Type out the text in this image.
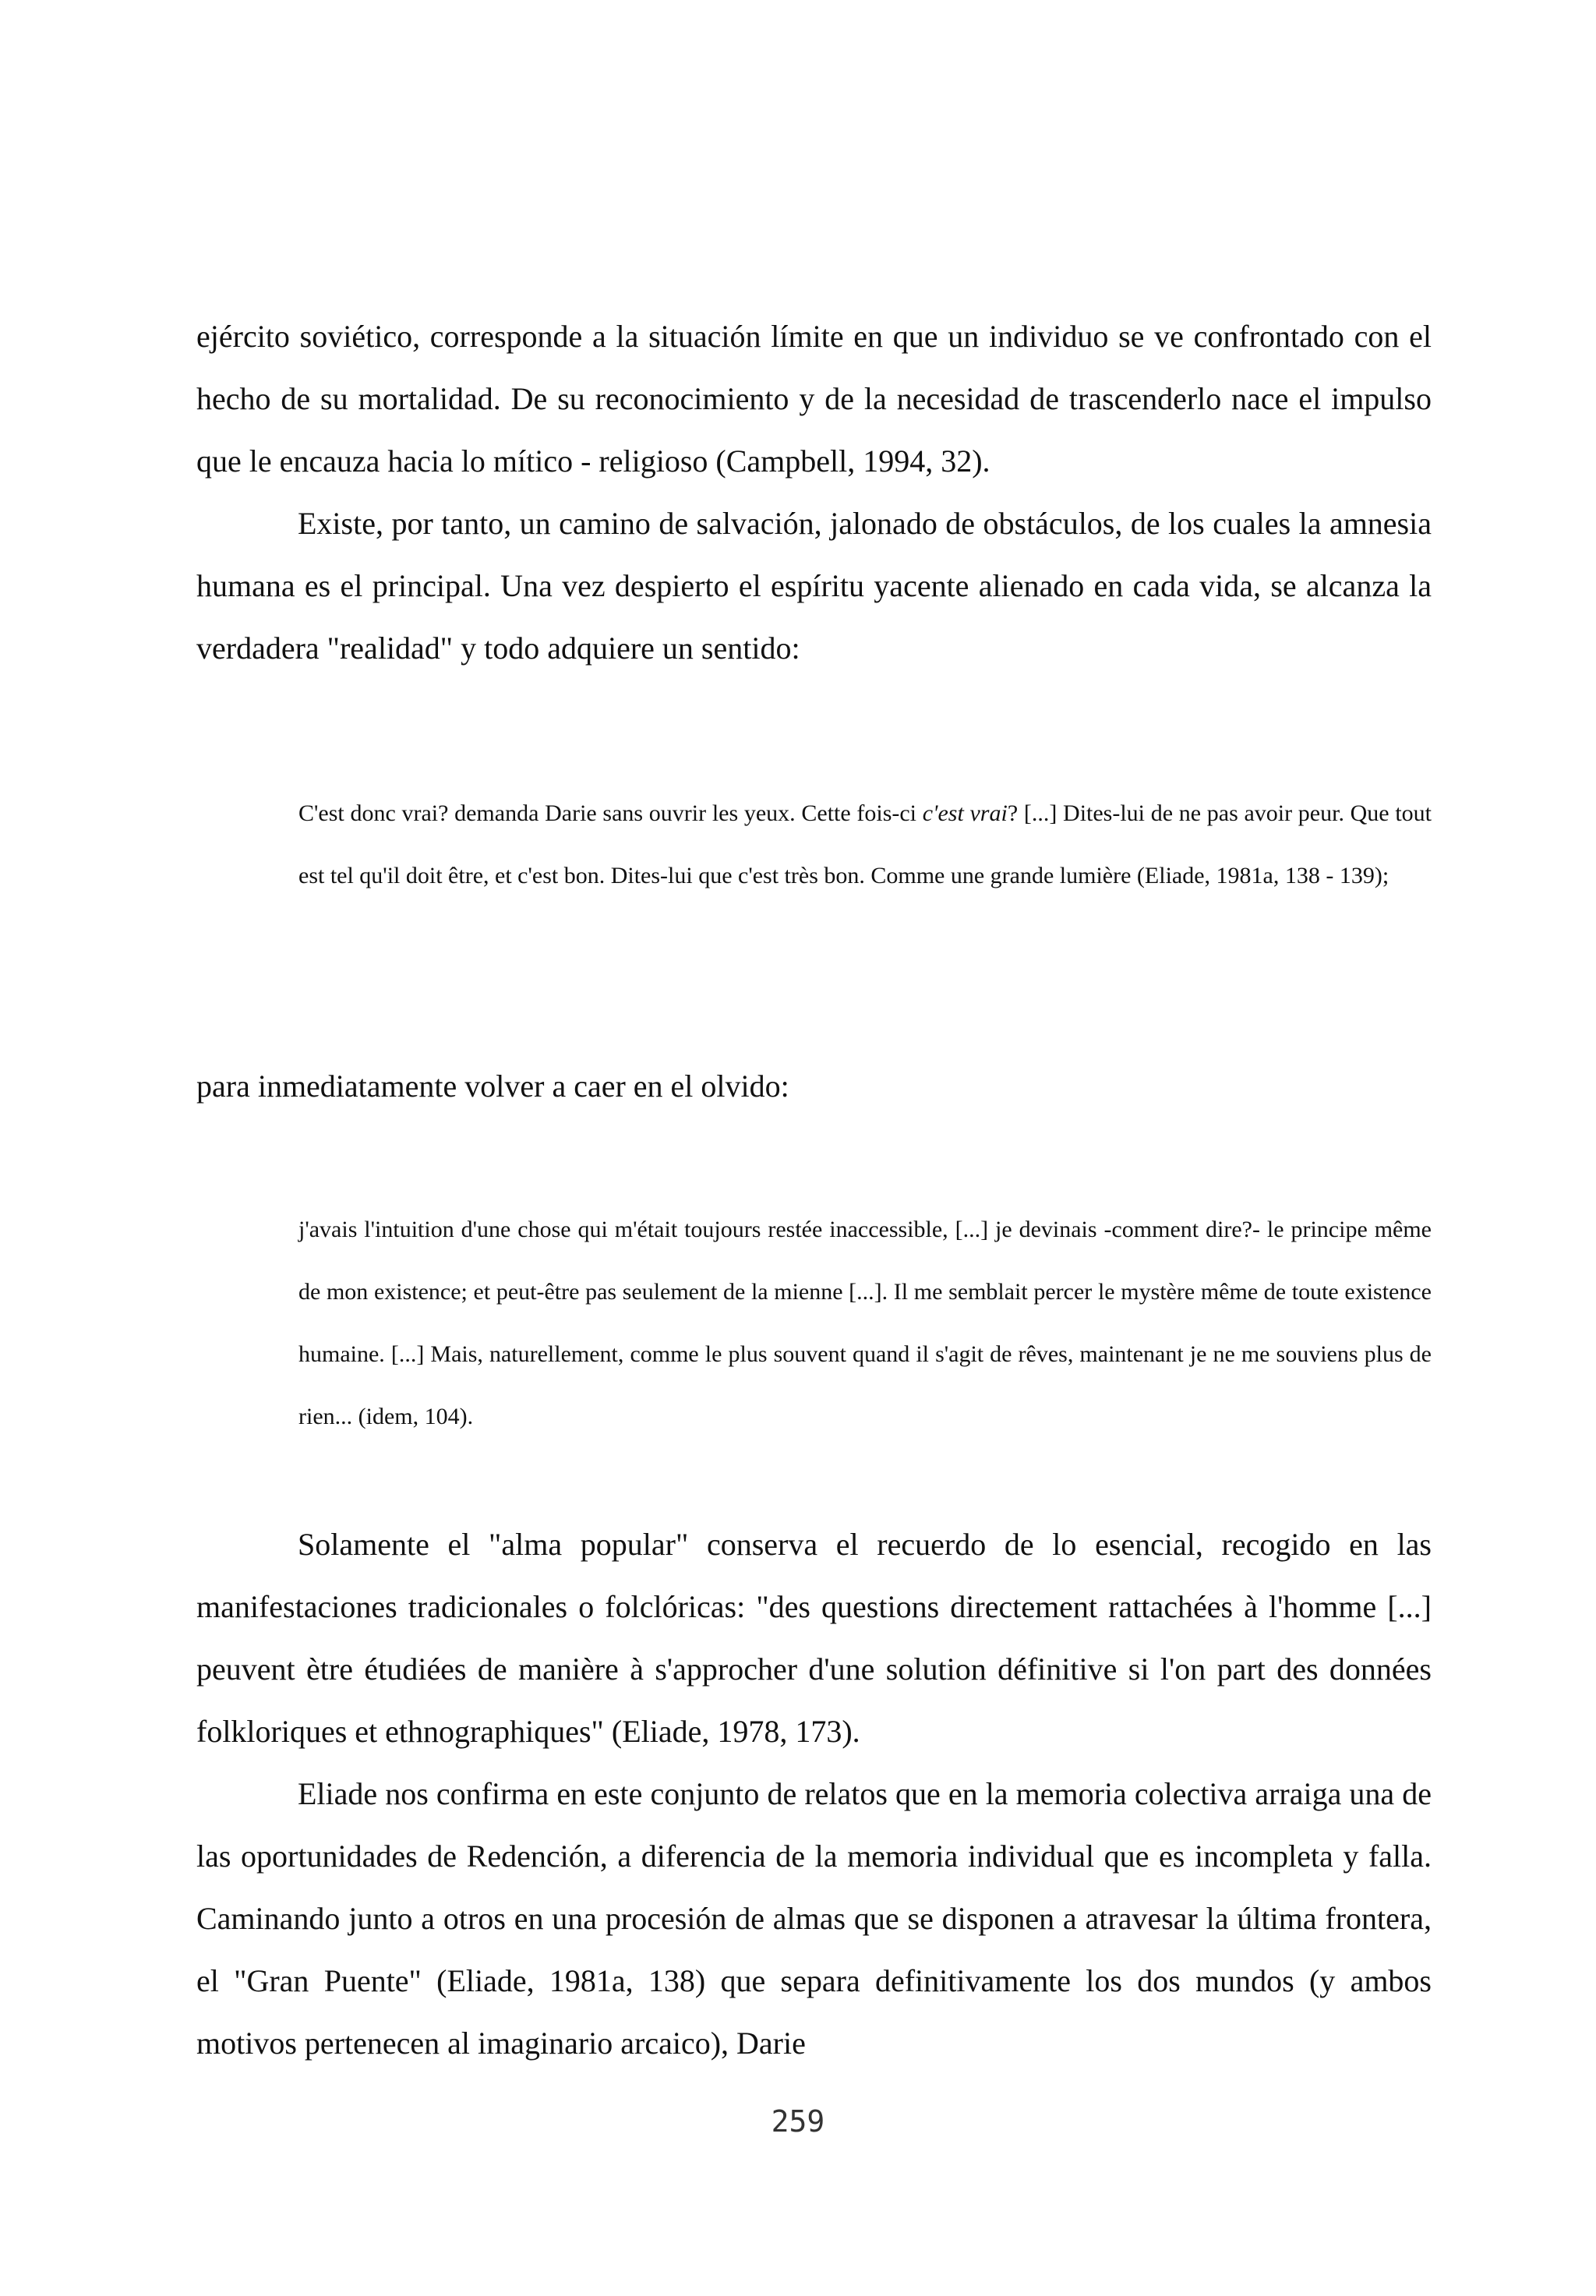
ejército soviético, corresponde a la situación límite en que un individuo se ve confrontado con el hecho de su mortalidad. De su reconocimiento y de la necesidad de trascenderlo nace el impulso que le encauza hacia lo mítico - religioso (Campbell, 1994, 32).

Existe, por tanto, un camino de salvación, jalonado de obstáculos, de los cuales la amnesia humana es el principal. Una vez despierto el espíritu yacente alienado en cada vida, se alcanza la verdadera "realidad" y todo adquiere un sentido:

C'est donc vrai? demanda Darie sans ouvrir les yeux. Cette fois-ci c'est vrai? [...] Dites-lui de ne pas avoir peur. Que tout est tel qu'il doit être, et c'est bon. Dites-lui que c'est très bon. Comme une grande lumière (Eliade, 1981a, 138 - 139);

para inmediatamente volver a caer en el olvido:

j'avais l'intuition d'une chose qui m'était toujours restée inaccessible, [...] je devinais -comment dire?- le principe même de mon existence; et peut-être pas seulement de la mienne [...]. Il me semblait percer le mystère même de toute existence humaine. [...] Mais, naturellement, comme le plus souvent quand il s'agit de rêves, maintenant je ne me souviens plus de rien... (idem, 104).

Solamente el "alma popular" conserva el recuerdo de lo esencial, recogido en las manifestaciones tradicionales o folclóricas: "des questions directement rattachées à l'homme [...] peuvent ètre étudiées de manière à s'approcher d'une solution définitive si l'on part des données folkloriques et ethnographiques" (Eliade, 1978, 173).

Eliade nos confirma en este conjunto de relatos que en la memoria colectiva arraiga una de las oportunidades de Redención, a diferencia de la memoria individual que es incompleta y falla. Caminando junto a otros en una procesión de almas que se disponen a atravesar la última frontera, el "Gran Puente" (Eliade, 1981a, 138) que separa definitivamente los dos mundos (y ambos motivos pertenecen al imaginario arcaico), Darie

259
